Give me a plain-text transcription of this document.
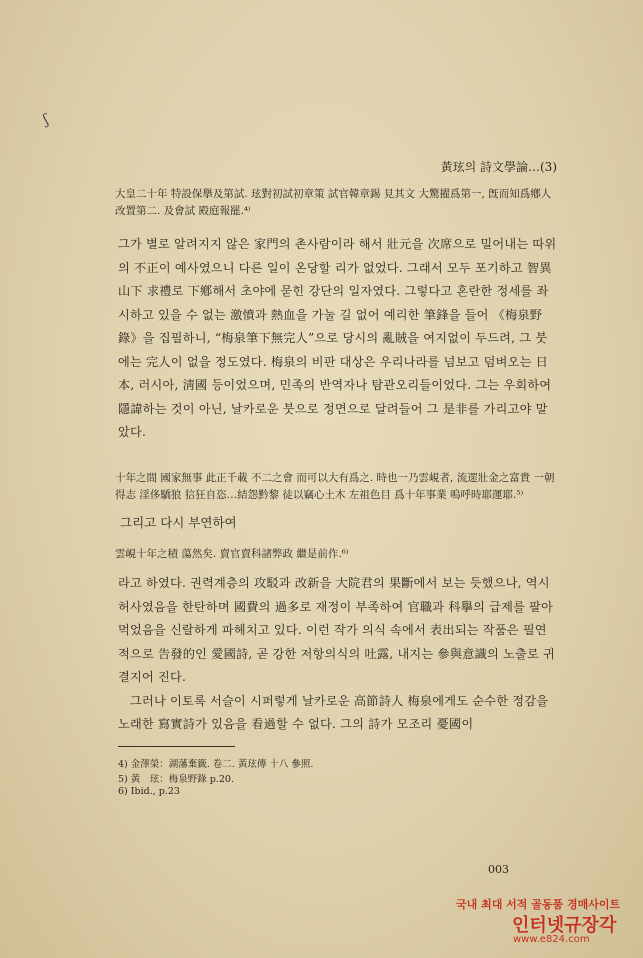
ʃ
黃玹의 詩文學論…(3)

大皇二十年 特設保擧及第試. 玹對初試初章策 試官韓章錫 見其文 大驚擢爲第一, 旣而知爲鄕人 改置第二. 及會試 殿庭報罷.⁴⁾

그가 별로 알려지지 않은 家門의 촌사람이라 해서 壯元을 次席으로 밀어내는 따위의 不正이 예사였으니 다른 일이 온당할 리가 없었다. 그래서 모두 포기하고 智異山下 求禮로 下鄕해서 초야에 묻힌 강단의 일자였다. 그렇다고 혼란한 정세를 좌시하고 있을 수 없는 激憤과 熱血을 가눌 길 없어 예리한 筆鋒을 들어 《梅泉野錄》을 집필하니, “梅泉筆下無完人”으로 당시의 亂賊을 여지없이 두드려, 그 붓에는 完人이 없을 정도였다. 梅泉의 비판 대상은 우리나라를 넘보고 덤벼오는 日本, 러시아, 淸國 등이었으며, 민족의 반역자나 탐관오리들이었다. 그는 우회하여 隱諱하는 것이 아닌, 날카로운 붓으로 정면으로 달려들어 그 是非를 가리고야 말았다.

十年之間 國家無事 此正千載 不二之會 而可以大有爲之. 時也一乃雲峴者, 流遝壯金之富貴 一朝得志 淫侈驕狼 狺狂自恣…結怨黔黎 徒以竊心土木 左祖色目 爲十年事業 嗚呼時耶運耶.⁵⁾

그리고 다시 부연하여

雲峴十年之積 蕩然矣. 賣官賣科諸弊政 繼是前作.⁶⁾

라고 하였다. 권력계층의 攻駁과 改新을 大院君의 果斷에서 보는 듯했으나, 역시 허사였음을 한탄하며 國費의 過多로 재정이 부족하여 官職과 科擧의 급제를 팔아먹었음을 신랄하게 파헤치고 있다. 이런 작가 의식 속에서 表出되는 작품은 필연적으로 告發的인 愛國詩, 곧 강한 저항의식의 吐露, 내지는 參與意識의 노출로 귀결지어 진다.

그러나 이토록 서슬이 시퍼렇게 날카로운 高節詩人 梅泉에게도 순수한 정감을 노래한 寫實詩가 있음을 看過할 수 없다. 그의 詩가 모조리 憂國이

4) 金澤榮：湖藩棄籤. 卷二. 黃玹傳 十八 參照.
5) 黃　玹：梅泉野錄 p.20.
6) Ibid., p.23
003
국내 최대 서적 골동품 경매사이트
인터넷규장각
www.e824.com
